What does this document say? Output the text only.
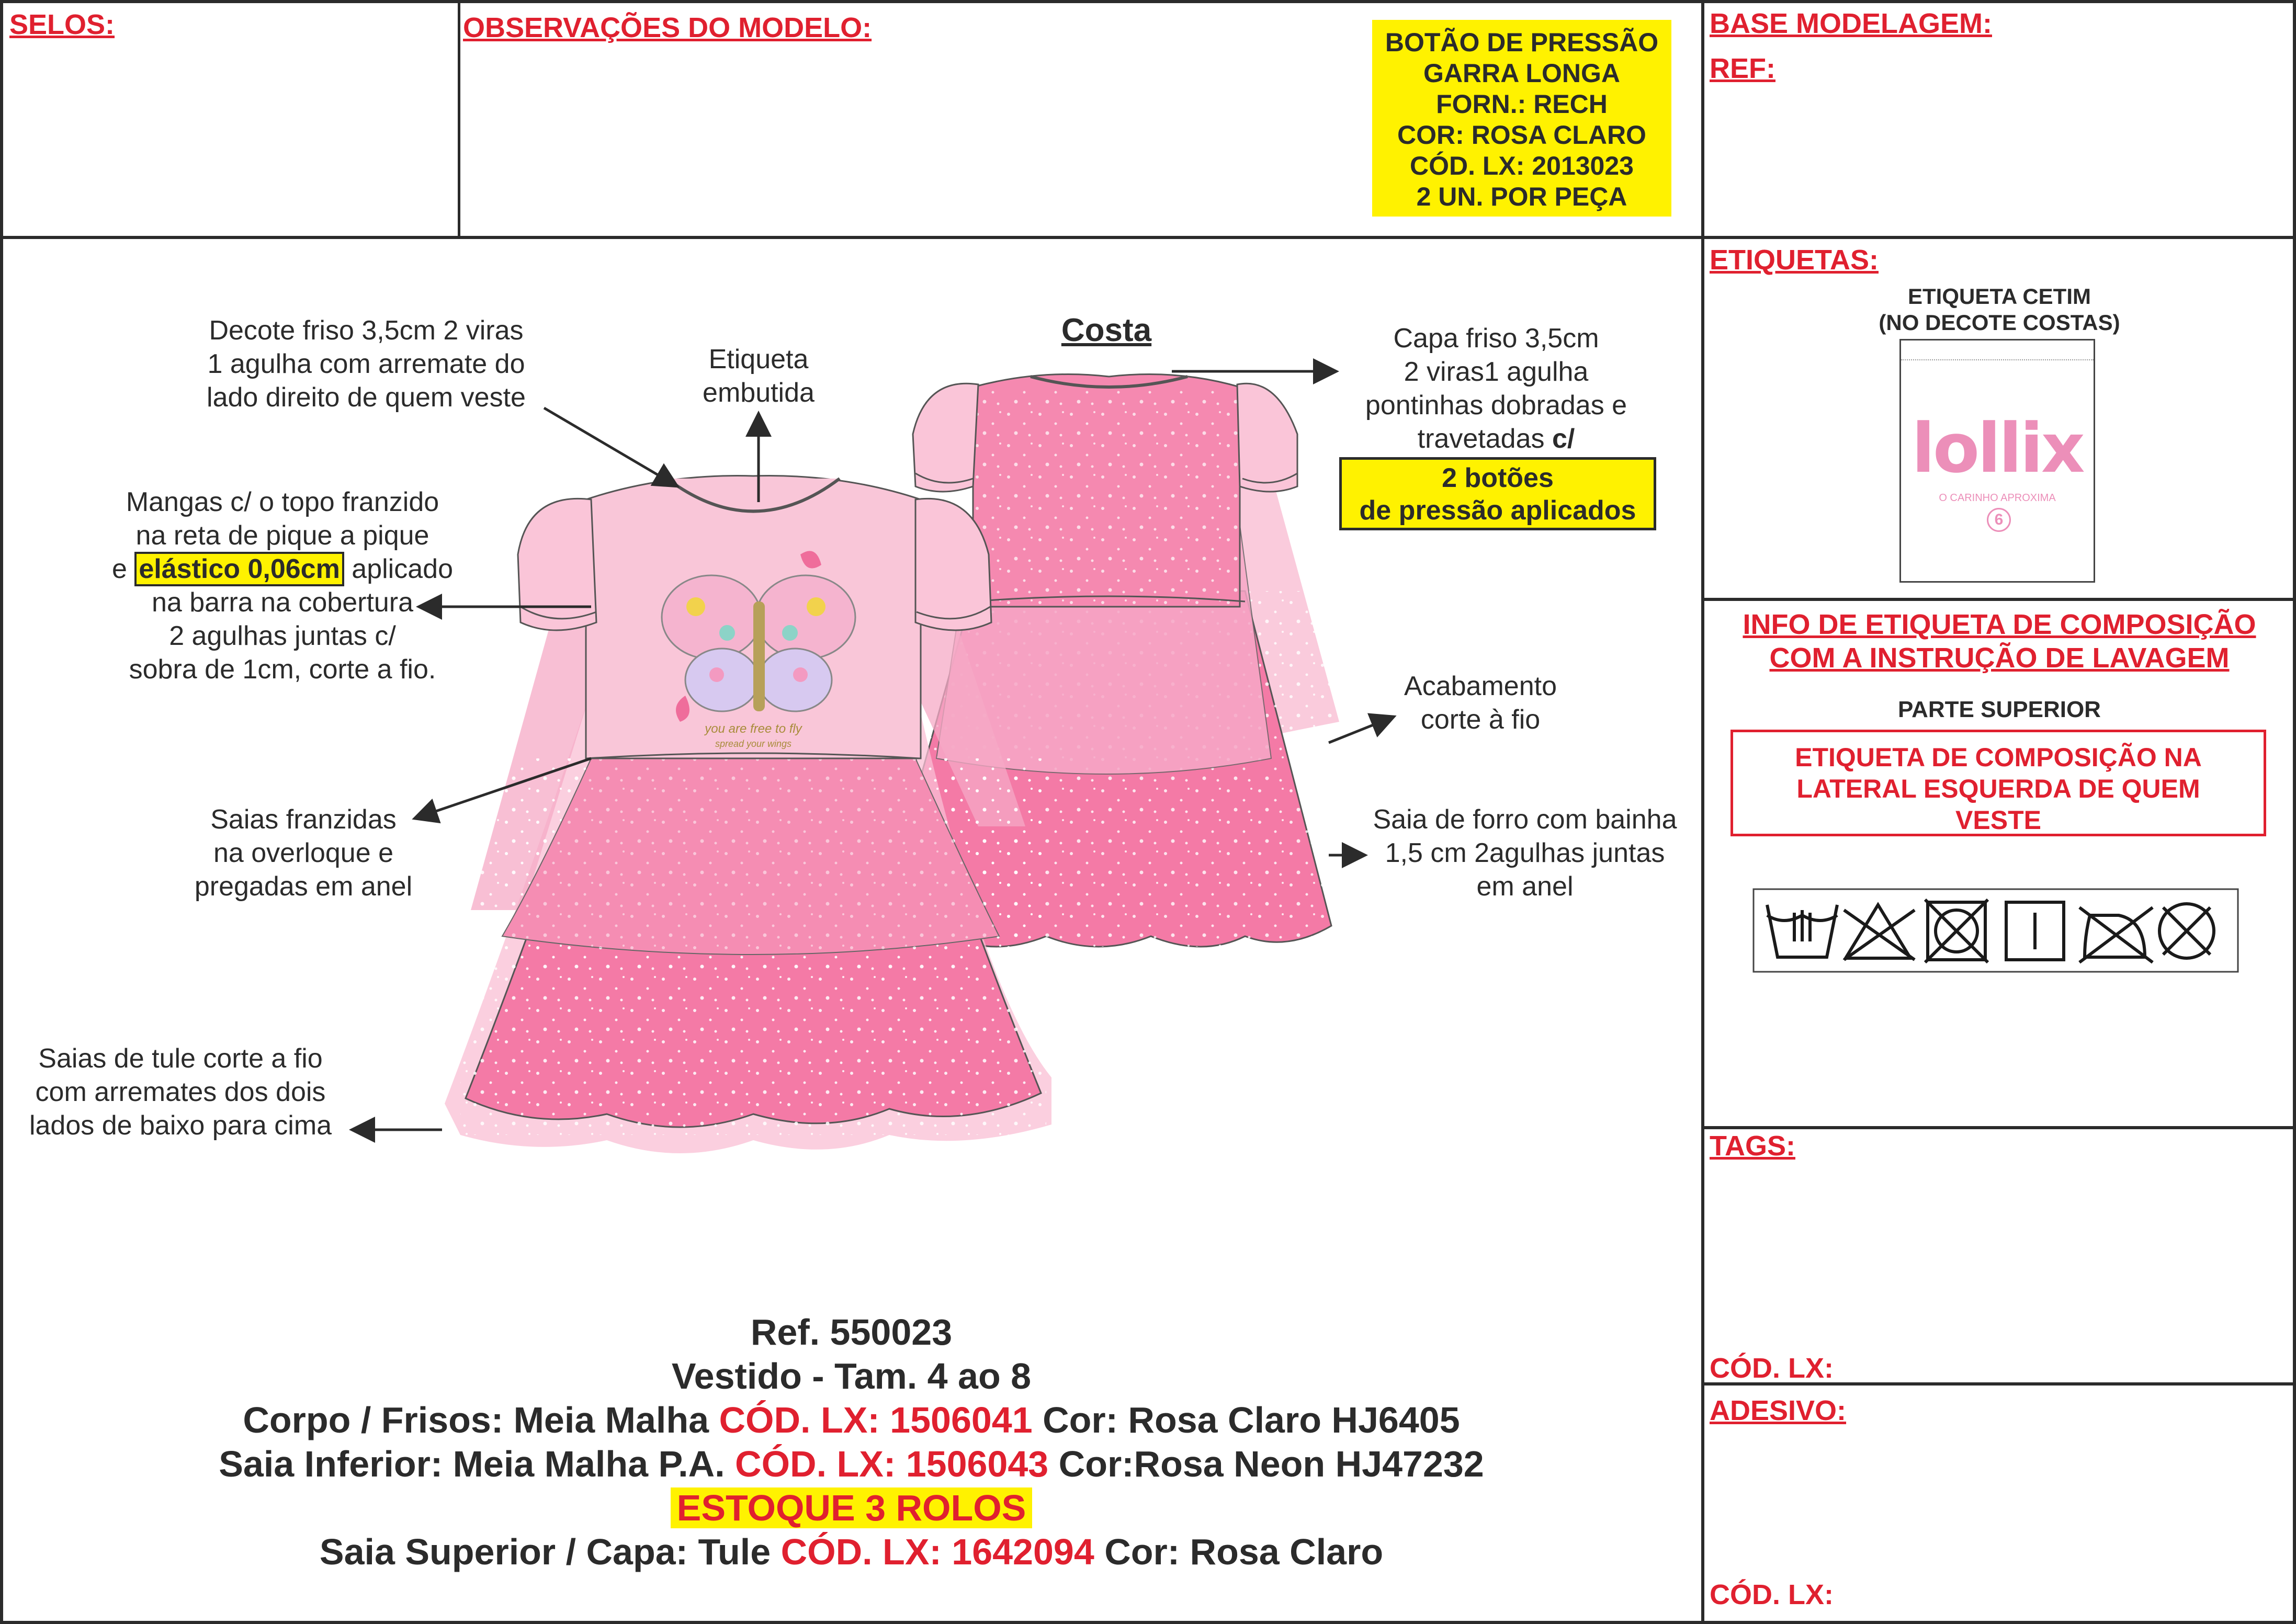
SELOS:	OBSERVAÇÕES DO MODELO:	BASE MODELAGEM:
REF:
ETIQUETAS:
TAGS:
CÓD. LX:
ADESIVO:
CÓD. LX:
BOTÃO DE PRESSÃO
GARRA LONGA
FORN.: RECH
COR: ROSA CLARO
CÓD. LX: 2013023
2 UN. POR PEÇA
ETIQUETA CETIM
(NO DECOTE COSTAS)
lollix
O CARINHO APROXIMA
6
INFO DE ETIQUETA DE COMPOSIÇÃO
COM A INSTRUÇÃO DE LAVAGEM
PARTE SUPERIOR
ETIQUETA DE COMPOSIÇÃO NA
LATERAL ESQUERDA DE QUEM
VESTE
Ref. 550023
Vestido - Tam. 4 ao 8
Corpo / Frisos: Meia Malha CÓD. LX: 1506041 Cor: Rosa Claro HJ6405
Saia Inferior: Meia Malha P.A. CÓD. LX: 1506043 Cor:Rosa Neon HJ47232
ESTOQUE 3 ROLOS
Saia Superior / Capa: Tule CÓD. LX: 1642094 Cor: Rosa Claro
Costa
you are free to fly
spread your wings
Decote friso 3,5cm 2 viras
1 agulha com arremate do
lado direito de quem veste
Etiqueta
embutida
Mangas c/ o topo franzido
na reta de pique a pique
e elástico 0,06cm aplicado
na barra na cobertura
2 agulhas juntas c/
sobra de 1cm, corte a fio.
Saias franzidas
na overloque e
pregadas em anel
Saias de tule corte a fio
com arremates dos dois
lados de baixo para cima
Capa friso 3,5cm
2 viras1 agulha
pontinhas dobradas e
travetadas c/
2 botões
de pressão aplicados
Acabamento
corte à fio
Saia de forro com bainha
1,5 cm 2agulhas juntas
em anel
